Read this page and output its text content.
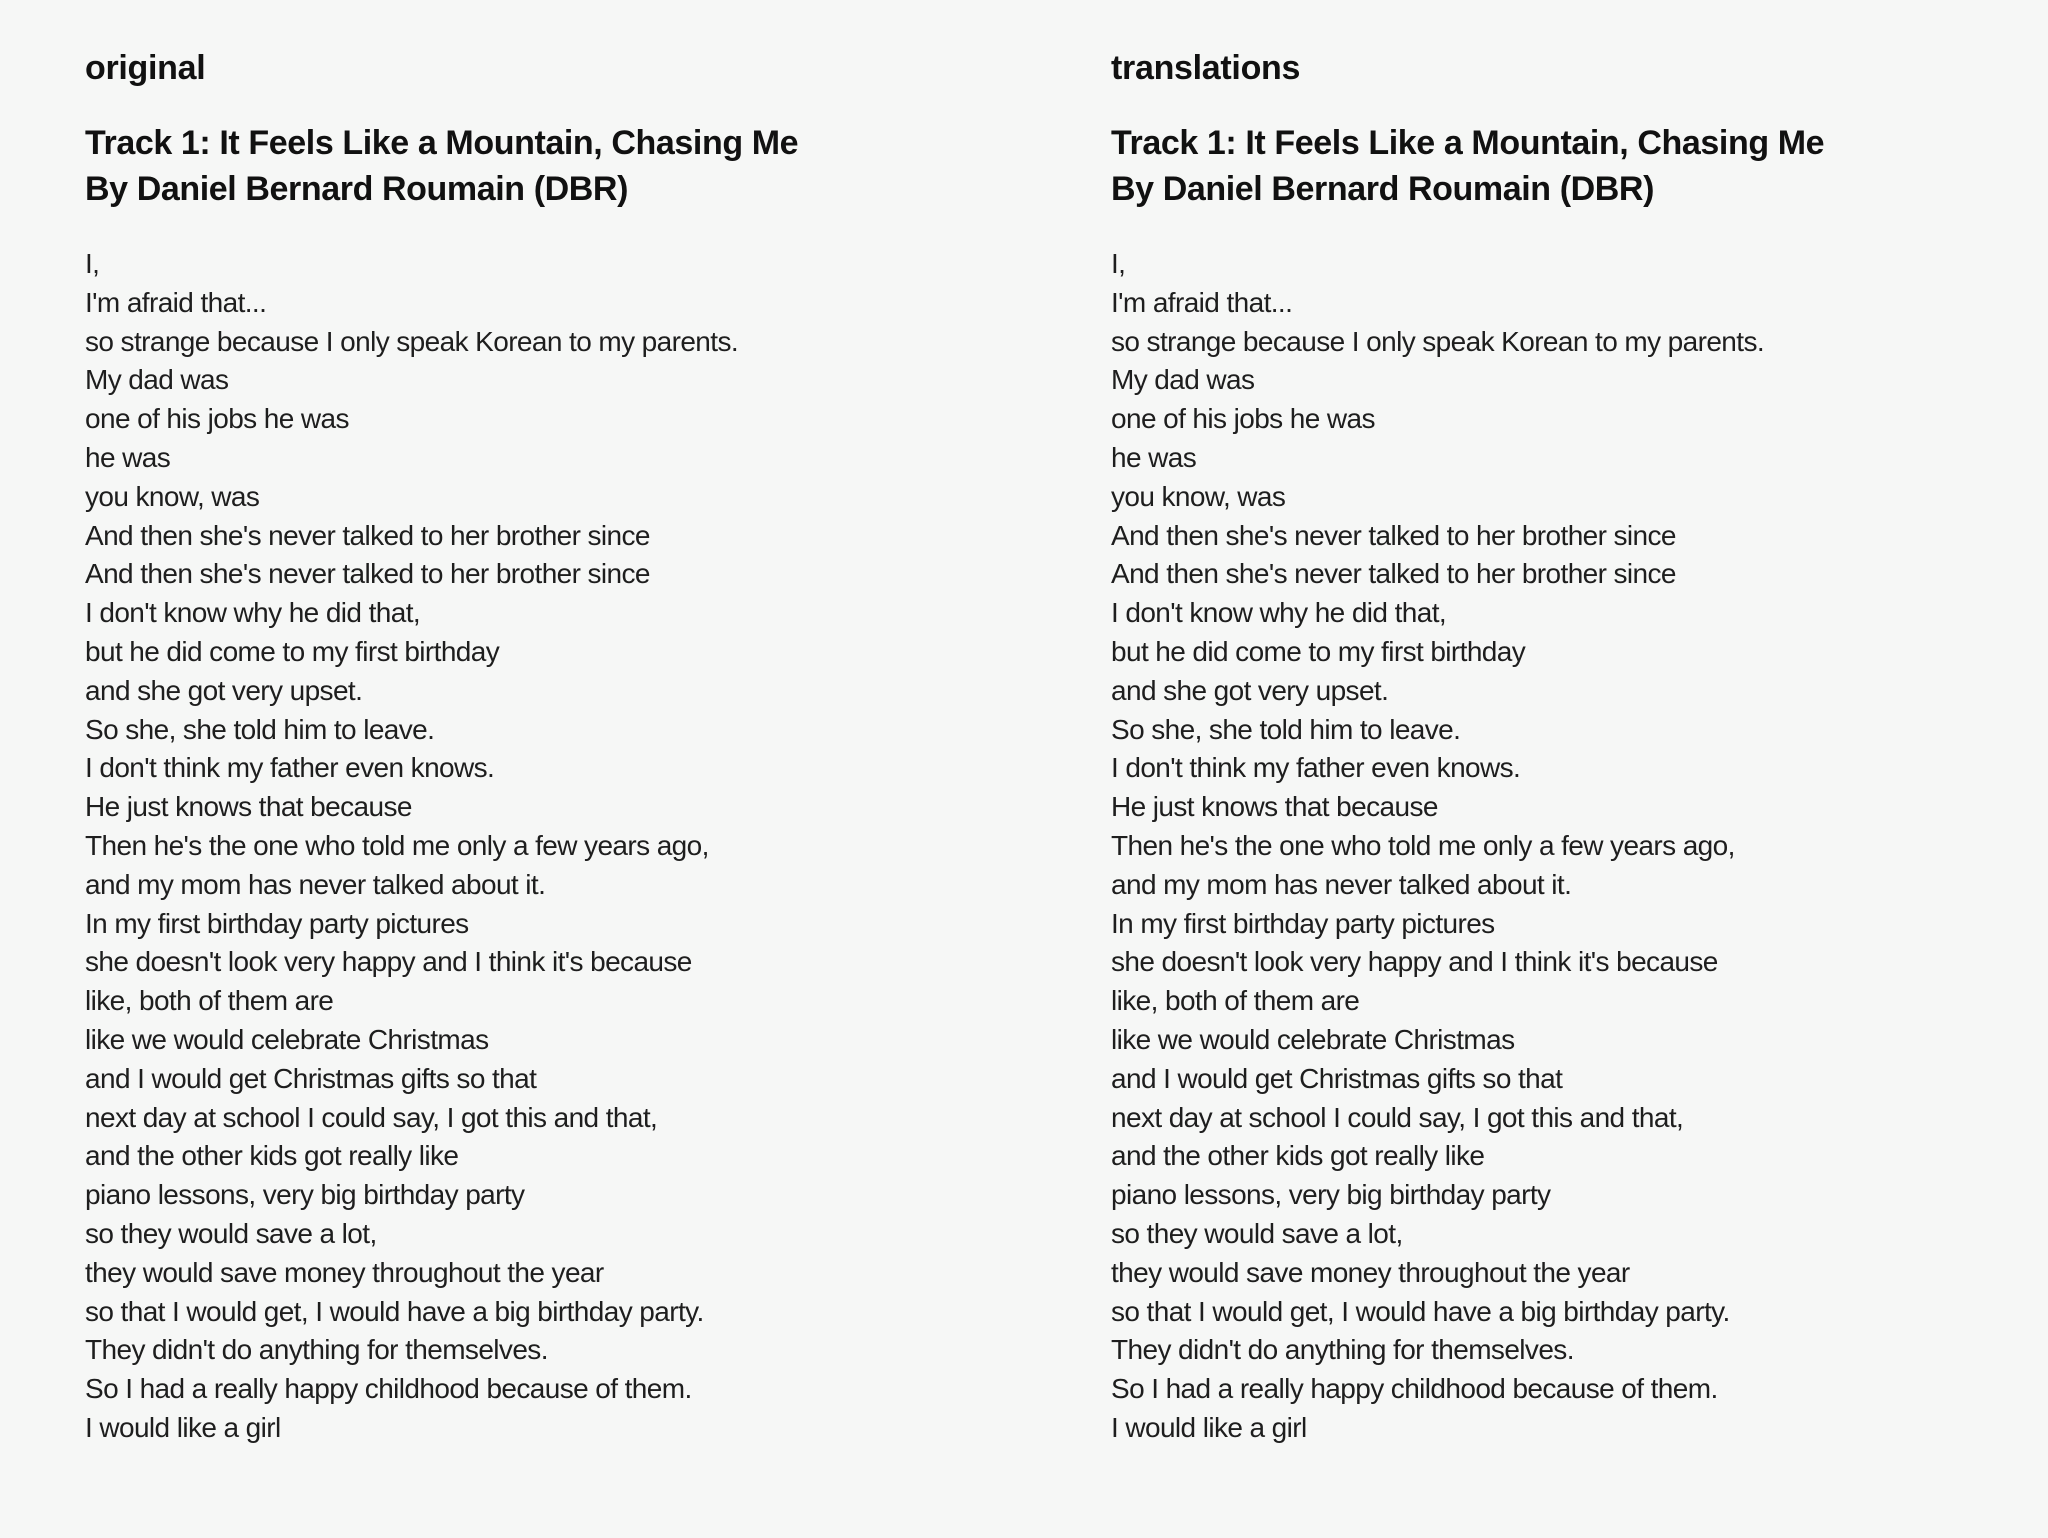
original
Track 1: It Feels Like a Mountain, Chasing Me
By Daniel Bernard Roumain (DBR)
I,
I'm afraid that...
so strange because I only speak Korean to my parents.
My dad was
one of his jobs he was
he was
you know, was
And then she's never talked to her brother since
And then she's never talked to her brother since
I don't know why he did that,
but he did come to my first birthday
and she got very upset.
So she, she told him to leave.
I don't think my father even knows.
He just knows that because
Then he's the one who told me only a few years ago,
and my mom has never talked about it.
In my first birthday party pictures
she doesn't look very happy and I think it's because
like, both of them are
like we would celebrate Christmas
and I would get Christmas gifts so that
next day at school I could say, I got this and that,
and the other kids got really like
piano lessons, very big birthday party
so they would save a lot,
they would save money throughout the year
so that I would get, I would have a big birthday party.
They didn't do anything for themselves.
So I had a really happy childhood because of them.
I would like a girl
translations
Track 1: It Feels Like a Mountain, Chasing Me
By Daniel Bernard Roumain (DBR)
I,
I'm afraid that...
so strange because I only speak Korean to my parents.
My dad was
one of his jobs he was
he was
you know, was
And then she's never talked to her brother since
And then she's never talked to her brother since
I don't know why he did that,
but he did come to my first birthday
and she got very upset.
So she, she told him to leave.
I don't think my father even knows.
He just knows that because
Then he's the one who told me only a few years ago,
and my mom has never talked about it.
In my first birthday party pictures
she doesn't look very happy and I think it's because
like, both of them are
like we would celebrate Christmas
and I would get Christmas gifts so that
next day at school I could say, I got this and that,
and the other kids got really like
piano lessons, very big birthday party
so they would save a lot,
they would save money throughout the year
so that I would get, I would have a big birthday party.
They didn't do anything for themselves.
So I had a really happy childhood because of them.
I would like a girl
